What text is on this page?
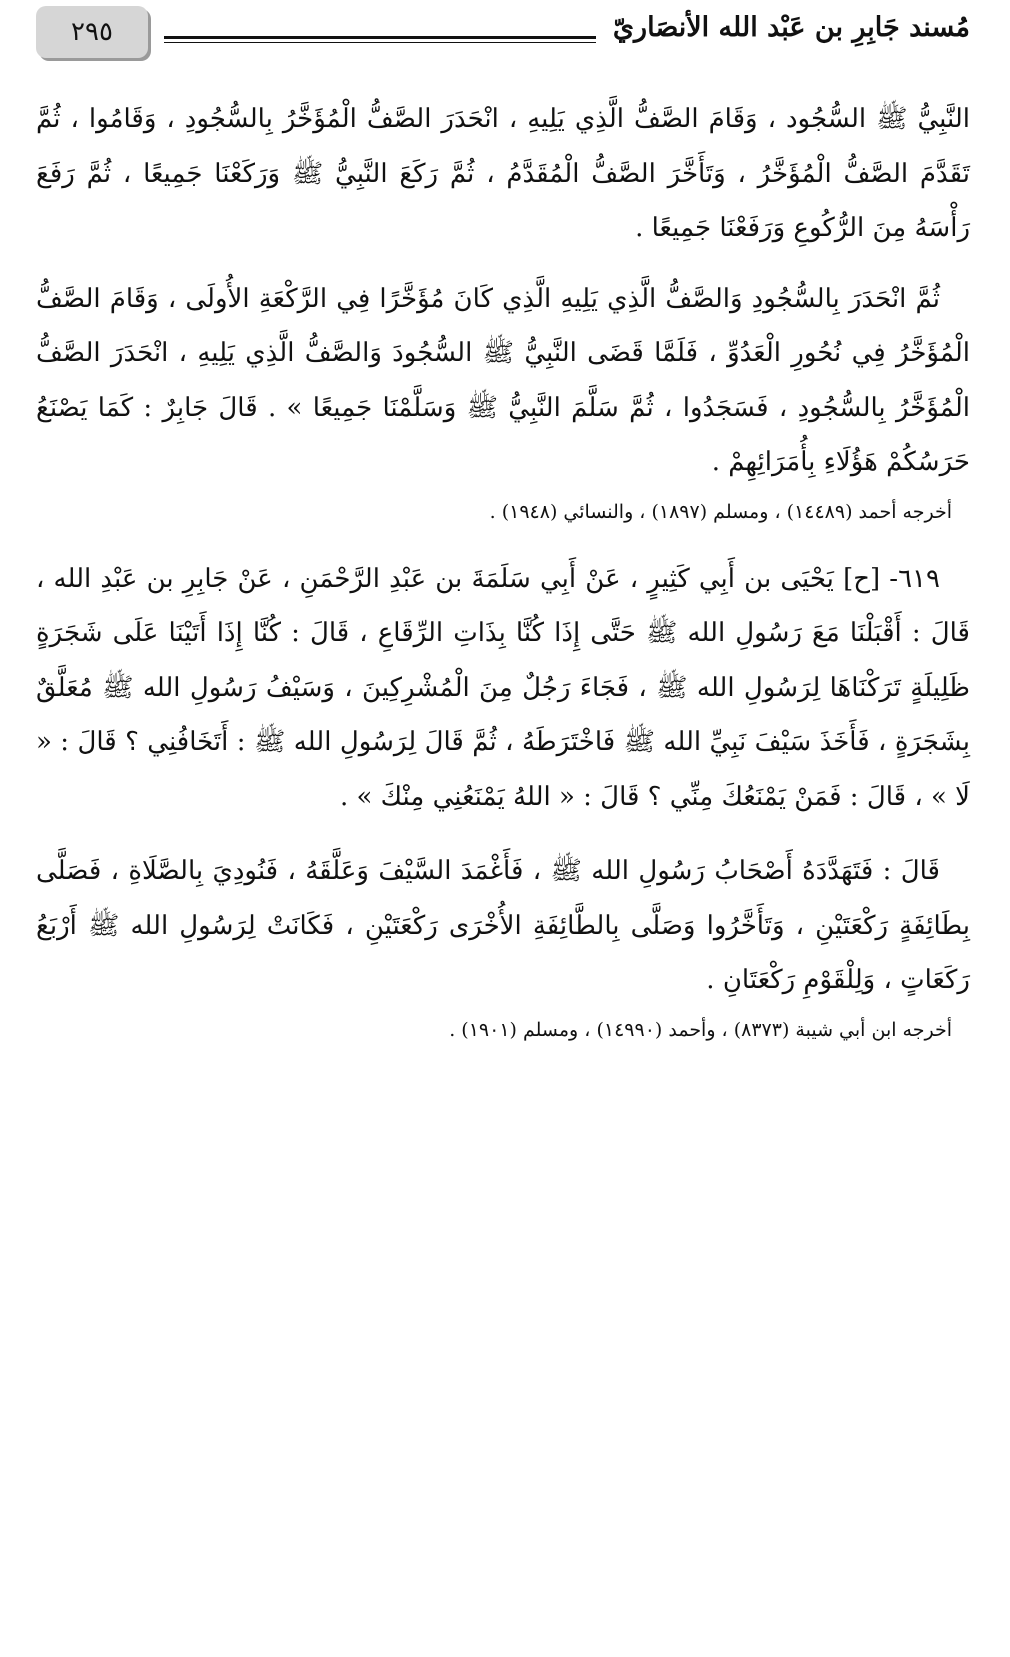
مُسند جَابِرِ بن عَبْد الله الأنصَاريّ
٢٩٥

النَّبِيُّ ﷺ السُّجُود ، وَقَامَ الصَّفُّ الَّذِي يَلِيهِ ، انْحَدَرَ الصَّفُّ الْمُؤَخَّرُ بِالسُّجُودِ ، وَقَامُوا ، ثُمَّ تَقَدَّمَ الصَّفُّ الْمُؤَخَّرُ ، وَتَأَخَّرَ الصَّفُّ الْمُقَدَّمُ ، ثُمَّ رَكَعَ النَّبِيُّ ﷺ وَرَكَعْنَا جَمِيعًا ، ثُمَّ رَفَعَ رَأْسَهُ مِنَ الرُّكُوعِ وَرَفَعْنَا جَمِيعًا .

ثُمَّ انْحَدَرَ بِالسُّجُودِ وَالصَّفُّ الَّذِي يَلِيهِ الَّذِي كَانَ مُؤَخَّرًا فِي الرَّكْعَةِ الأُولَى ، وَقَامَ الصَّفُّ الْمُؤَخَّرُ فِي نُحُورِ الْعَدُوِّ ، فَلَمَّا قَضَى النَّبِيُّ ﷺ السُّجُودَ وَالصَّفُّ الَّذِي يَلِيهِ ، انْحَدَرَ الصَّفُّ الْمُؤَخَّرُ بِالسُّجُودِ ، فَسَجَدُوا ، ثُمَّ سَلَّمَ النَّبِيُّ ﷺ وَسَلَّمْنَا جَمِيعًا » . قَالَ جَابِرٌ : كَمَا يَصْنَعُ حَرَسُكُمْ هَؤُلَاءِ بِأُمَرَائِهِمْ .

أخرجه أحمد (١٤٤٨٩) ، ومسلم (١٨٩٧) ، والنسائي (١٩٤٨) .

٦١٩- [ح] يَحْيَى بن أَبِي كَثِيرٍ ، عَنْ أَبِي سَلَمَةَ بن عَبْدِ الرَّحْمَنِ ، عَنْ جَابِرِ بن عَبْدِ الله ، قَالَ : أَقْبَلْنَا مَعَ رَسُولِ الله ﷺ حَتَّى إِذَا كُنَّا بِذَاتِ الرِّقَاعِ ، قَالَ : كُنَّا إِذَا أَتَيْنَا عَلَى شَجَرَةٍ ظَلِيلَةٍ تَرَكْنَاهَا لِرَسُولِ الله ﷺ ، فَجَاءَ رَجُلٌ مِنَ الْمُشْرِكِينَ ، وَسَيْفُ رَسُولِ الله ﷺ مُعَلَّقٌ بِشَجَرَةٍ ، فَأَخَذَ سَيْفَ نَبِيِّ الله ﷺ فَاخْتَرَطَهُ ، ثُمَّ قَالَ لِرَسُولِ الله ﷺ : أَتَخَافُنِي ؟ قَالَ : « لَا » ، قَالَ : فَمَنْ يَمْنَعُكَ مِنِّي ؟ قَالَ : « اللهُ يَمْنَعُنِي مِنْكَ » .

قَالَ : فَتَهَدَّدَهُ أَصْحَابُ رَسُولِ الله ﷺ ، فَأَغْمَدَ السَّيْفَ وَعَلَّقَهُ ، فَنُودِيَ بِالصَّلَاةِ ، فَصَلَّى بِطَائِفَةٍ رَكْعَتَيْنِ ، وَتَأَخَّرُوا وَصَلَّى بِالطَّائِفَةِ الأُخْرَى رَكْعَتَيْنِ ، فَكَانَتْ لِرَسُولِ الله ﷺ أَرْبَعُ رَكَعَاتٍ ، وَلِلْقَوْمِ رَكْعَتَانِ .

أخرجه ابن أبي شيبة (٨٣٧٣) ، وأحمد (١٤٩٩٠) ، ومسلم (١٩٠١) .
